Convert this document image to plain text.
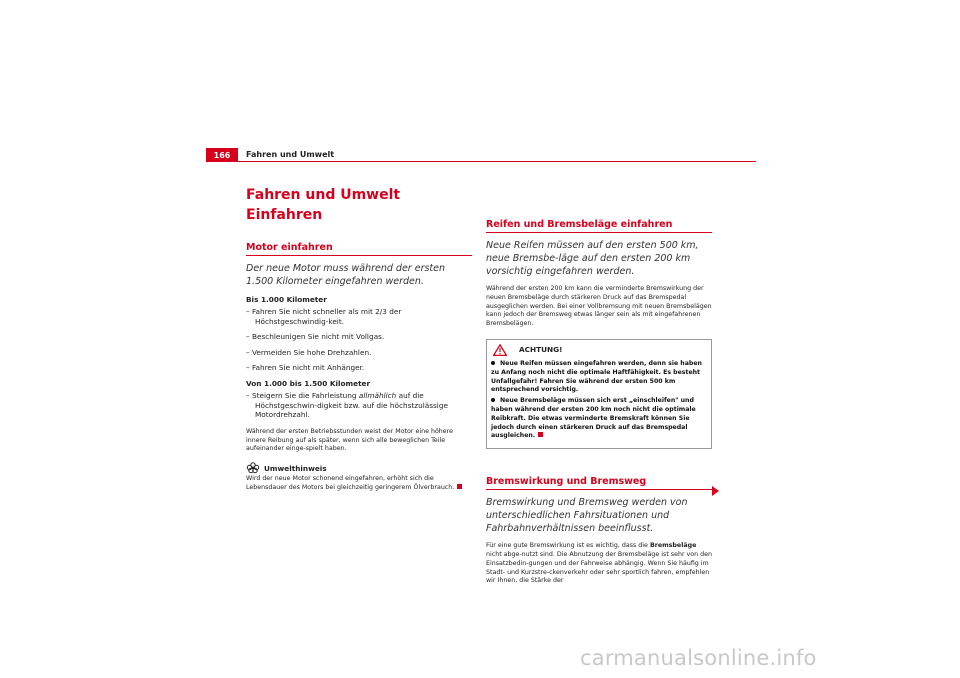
166	Fahren und Umwelt
Fahren und Umwelt
Einfahren
Motor einfahren
Der neue Motor muss während der ersten 1.500 Kilometer eingefahren werden.
Bis 1.000 Kilometer
– Fahren Sie nicht schneller als mit 2/3 der Höchstgeschwindig-keit.
– Beschleunigen Sie nicht mit Vollgas.
– Vermeiden Sie hohe Drehzahlen.
– Fahren Sie nicht mit Anhänger.
Von 1.000 bis 1.500 Kilometer
– Steigern Sie die Fahrleistung allmählich auf die Höchstgeschwin-digkeit bzw. auf die höchstzulässige Motordrehzahl.
Während der ersten Betriebsstunden weist der Motor eine höhere innere Reibung auf als später, wenn sich alle beweglichen Teile aufeinander einge-spielt haben.
Umwelthinweis
Wird der neue Motor schonend eingefahren, erhöht sich die Lebensdauer des Motors bei gleichzeitig geringerem Ölverbrauch.
Reifen und Bremsbeläge einfahren
Neue Reifen müssen auf den ersten 500 km, neue Bremsbe-läge auf den ersten 200 km vorsichtig eingefahren werden.
Während der ersten 200 km kann die verminderte Bremswirkung der neuen Bremsbeläge durch stärkeren Druck auf das Bremspedal ausgeglichen werden. Bei einer Vollbremsung mit neuen Bremsbelägen kann jedoch der Bremsweg etwas länger sein als mit eingefahrenen Bremsbelägen.
ACHTUNG!
Neue Reifen müssen eingefahren werden, denn sie haben zu Anfang noch nicht die optimale Haftfähigkeit. Es besteht Unfallgefahr! Fahren Sie während der ersten 500 km entsprechend vorsichtig.
Neue Bremsbeläge müssen sich erst „einschleifen" und haben während der ersten 200 km noch nicht die optimale Reibkraft. Die etwas verminderte Bremskraft können Sie jedoch durch einen stärkeren Druck auf das Bremspedal ausgleichen.
Bremswirkung und Bremsweg
Bremswirkung und Bremsweg werden von unterschiedlichen Fahrsituationen und Fahrbahnverhältnissen beeinflusst.
Für eine gute Bremswirkung ist es wichtig, dass die Bremsbeläge nicht abge-nutzt sind. Die Abnutzung der Bremsbeläge ist sehr von den Einsatzbedin-gungen und der Fahrweise abhängig. Wenn Sie häufig im Stadt- und Kurzstre-ckenverkehr oder sehr sportlich fahren, empfehlen wir Ihnen, die Stärke der
carmanualsonline.info
